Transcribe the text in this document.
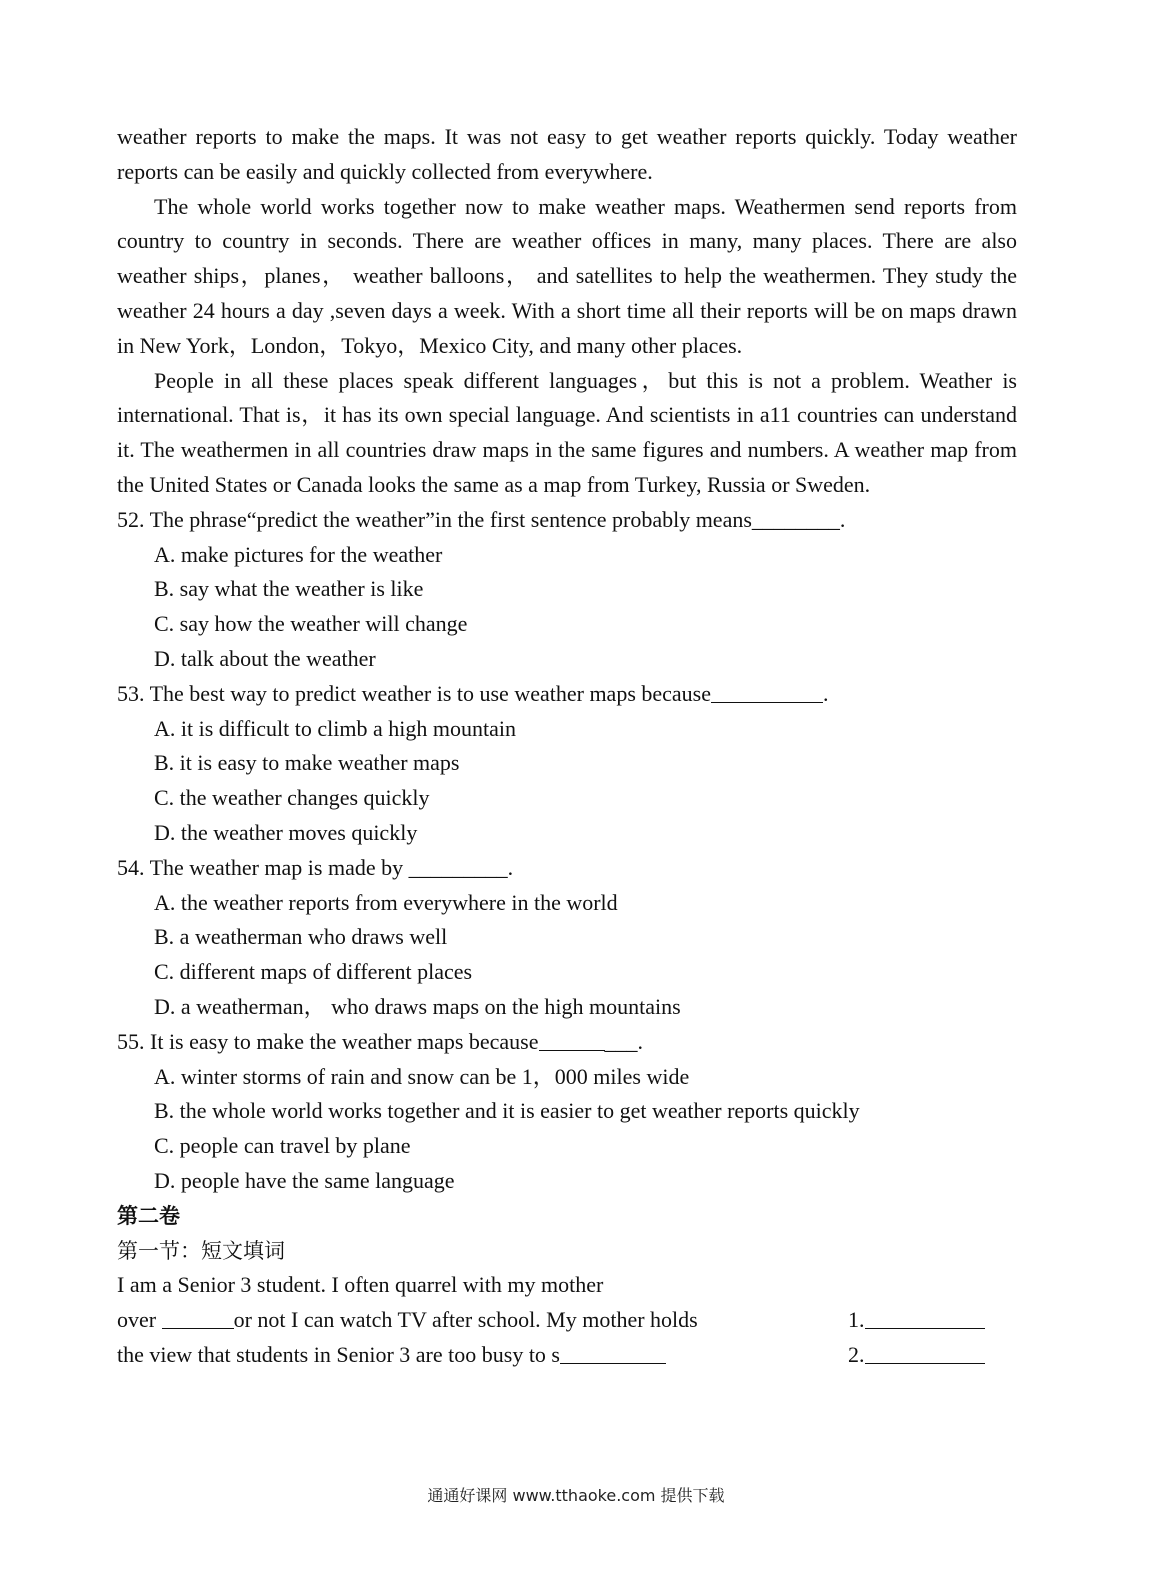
weather reports to make the maps. It was not easy to get weather reports quickly. Today weather reports can be easily and quickly collected from everywhere.

The whole world works together now to make weather maps. Weathermen send reports from country to country in seconds. There are weather offices in many, many places. There are also weather ships，planes， weather balloons， and satellites to help the weathermen. They study the weather 24 hours a day ,seven days a week. With a short time all their reports will be on maps drawn in New York，London，Tokyo，Mexico City, and many other places.

People in all these places speak different languages，but this is not a problem. Weather is international. That is，it has its own special language. And scientists in a11 countries can understand it. The weathermen in all countries draw maps in the same figures and numbers. A weather map from the United States or Canada looks the same as a map from Turkey, Russia or Sweden.

52. The phrase“predict the weather”in the first sentence probably means________.

A. make pictures for the weather

B. say what the weather is like

C. say how the weather will change

D. talk about the weather

53. The best way to predict weather is to use weather maps because	.

A. it is difficult to climb a high mountain

B. it is easy to make weather maps

C. the weather changes quickly

D. the weather moves quickly

54. The weather map is made by _________.

A. the weather reports from everywhere in the world

B. a weatherman who draws well

C. different maps of different places

D. a weatherman， who draws maps on the high mountains

55. It is easy to make the weather maps because	___.

A. winter storms of rain and snow can be 1，000 miles wide

B. the whole world works together and it is easier to get weather reports quickly

C. people can travel by plane

D. people have the same language

第二卷

第一节：短文填词

I am a Senior 3 student. I often quarrel with my mother
over	or not I can watch TV after school. My mother holds	1.
the view that students in Senior 3 are too busy to s	2.
通通好课网 www.tthaoke.com 提供下载
